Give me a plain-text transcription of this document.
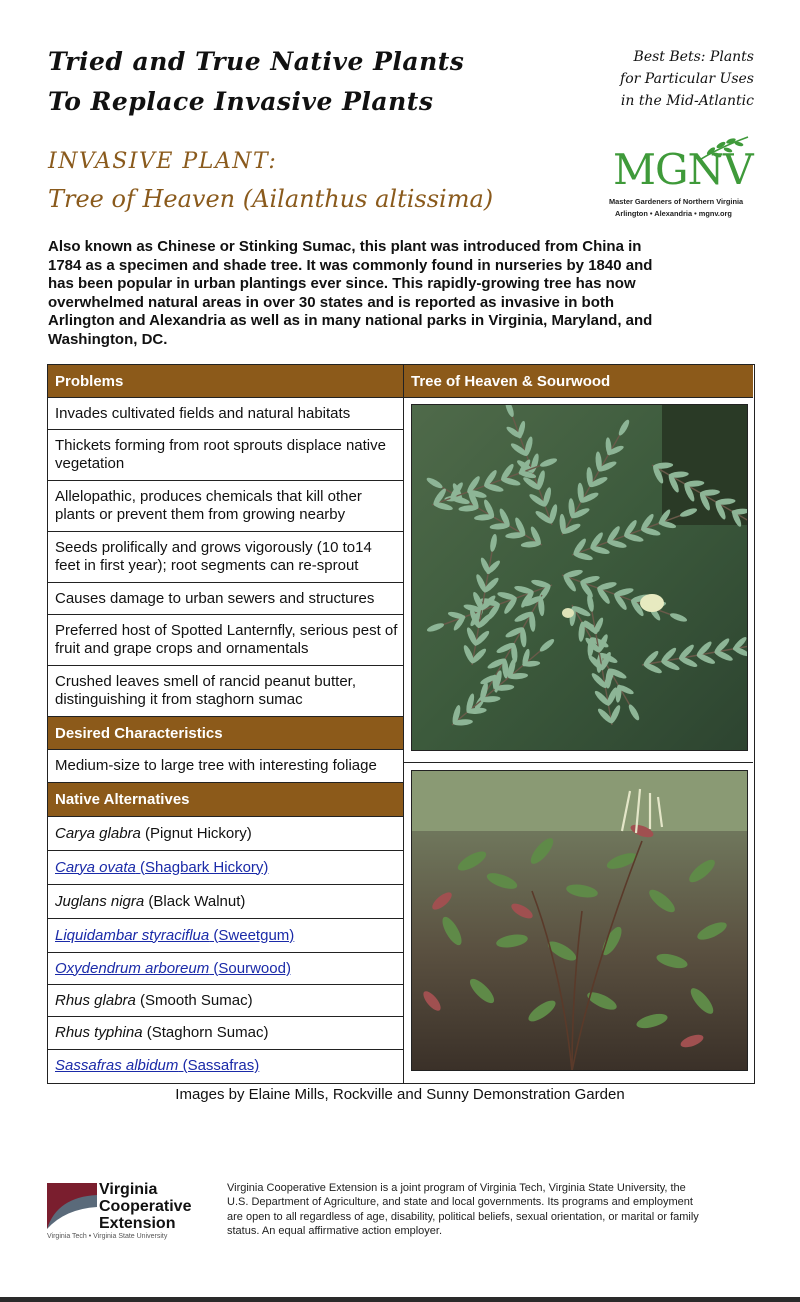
Tried and True Native Plants
To Replace Invasive Plants
Best Bets: Plants
for Particular Uses
in the Mid-Atlantic
INVASIVE PLANT:
Tree of Heaven (Ailanthus altissima)
MGNV
Master Gardeners of Northern Virginia
Arlington • Alexandria • mgnv.org
Also known as Chinese or Stinking Sumac, this plant was introduced from China in 1784 as a specimen and shade tree. It was commonly found in nurseries by 1840 and has been popular in urban plantings ever since. This rapidly-growing tree has now overwhelmed natural areas in over 30 states and is reported as invasive in both Arlington and Alexandria as well as in many national parks in Virginia, Maryland, and Washington, DC.
Problems
Invades cultivated fields and natural habitats
Thickets forming from root sprouts displace native vegetation
Allelopathic, produces chemicals that kill other plants or prevent them from growing nearby
Seeds prolifically and grows vigorously (10 to14 feet in first year); root segments can re-sprout
Causes damage to urban sewers and structures
Preferred host of Spotted Lanternfly, serious pest of fruit and grape crops and ornamentals
Crushed leaves smell of rancid peanut butter, distinguishing it from staghorn sumac
Desired Characteristics
Medium-size to large tree with interesting foliage
Native Alternatives
Carya glabra (Pignut Hickory)
Carya ovata (Shagbark Hickory)
Juglans nigra (Black Walnut)
Liquidambar styraciflua (Sweetgum)
Oxydendrum arboreum (Sourwood)
Rhus glabra (Smooth Sumac)
Rhus typhina (Staghorn Sumac)
Sassafras albidum (Sassafras)
Tree of Heaven & Sourwood
Images by Elaine Mills, Rockville and Sunny Demonstration Garden
Virginia
Cooperative
Extension
Virginia Tech • Virginia State University
Virginia Cooperative Extension is a joint program of Virginia Tech, Virginia State University, the U.S. Department of Agriculture, and state and local governments. Its programs and employment are open to all regardless of age, disability, political beliefs, sexual orientation, or marital or family status. An equal affirmative action employer.
